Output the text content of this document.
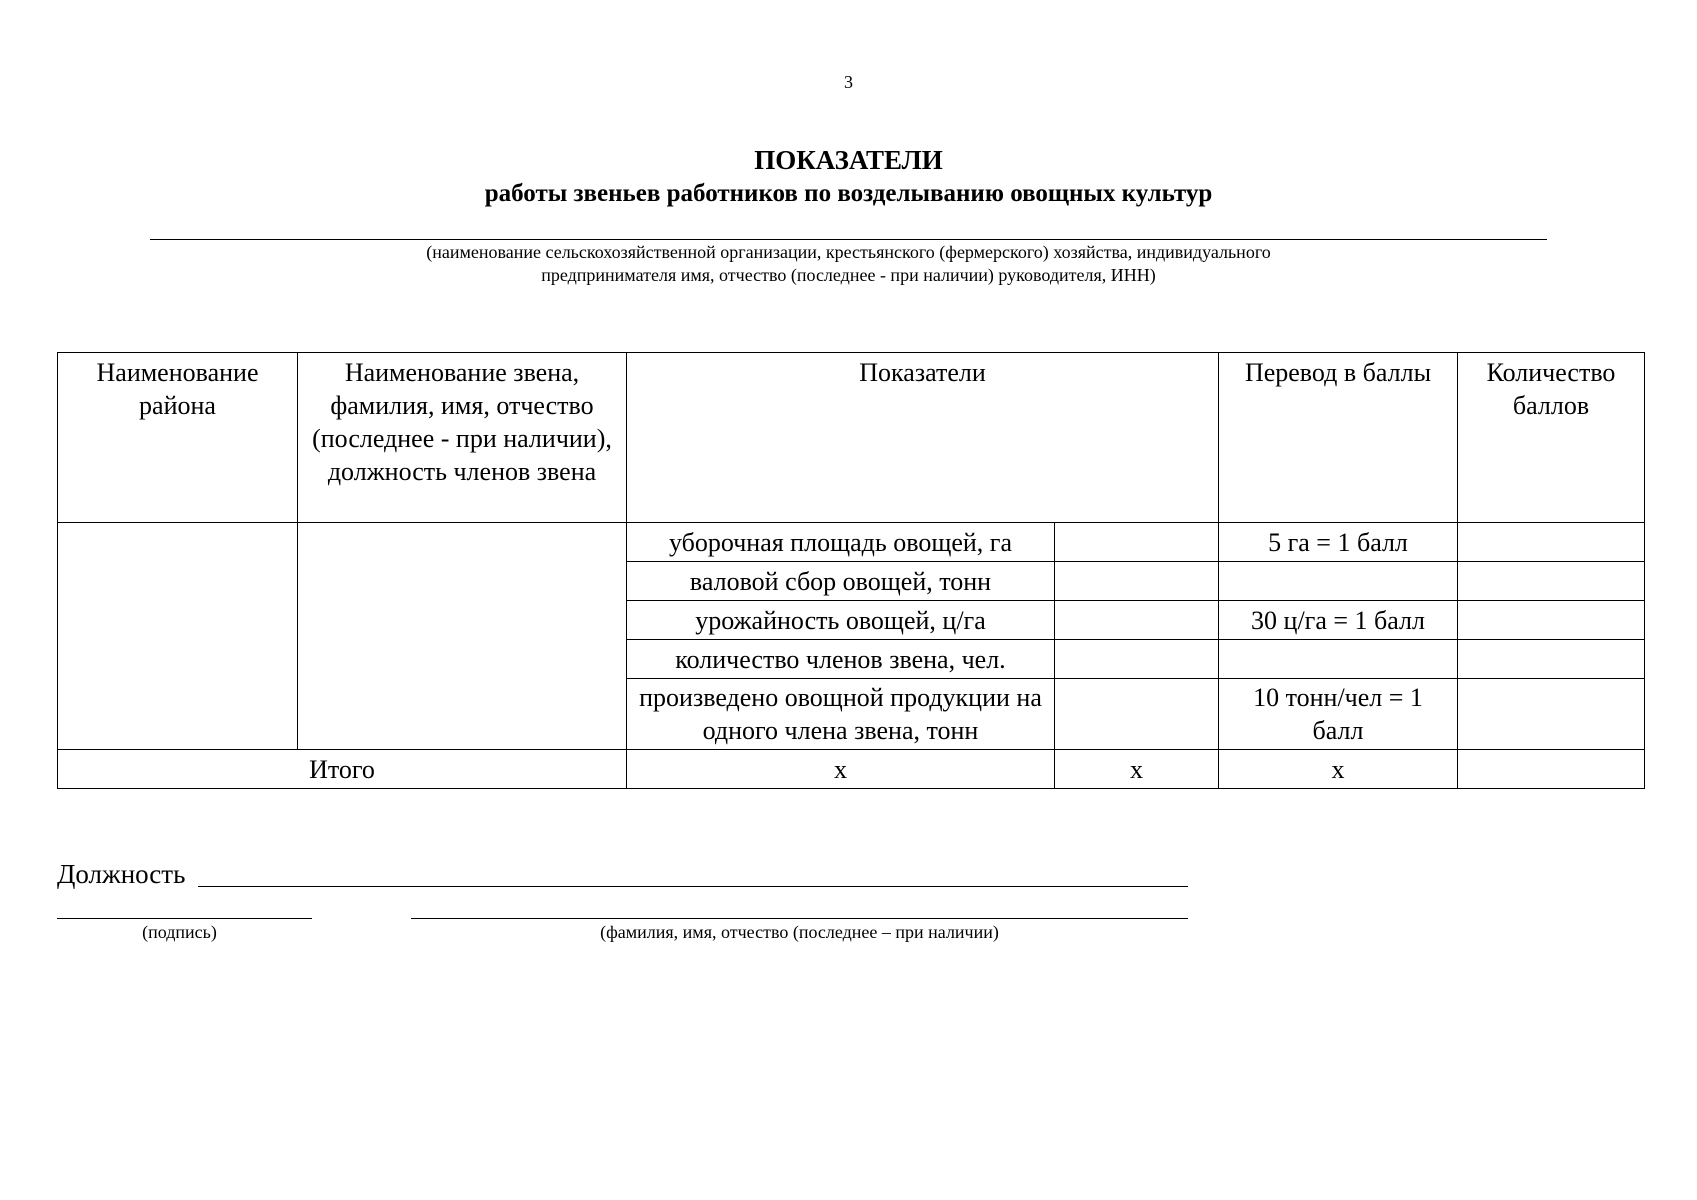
3
ПОКАЗАТЕЛИ
работы звеньев работников по возделыванию овощных культур
(наименование сельскохозяйственной организации, крестьянского (фермерского) хозяйства, индивидуального
предпринимателя имя, отчество (последнее - при наличии) руководителя, ИНН)
Наименование района	Наименование звена, фамилия, имя, отчество (последнее - при наличии), должность членов звена	Показатели		Перевод в баллы	Количество баллов
		уборочная площадь овощей, га		5 га = 1 балл	
		валовой сбор овощей, тонн			
		урожайность овощей, ц/га		30 ц/га = 1 балл	
		количество членов звена, чел.			
		произведено овощной продукции на одного члена звена, тонн		10 тонн/чел = 1 балл	
Итого		х	х	х	
Должность
(подпись)	(фамилия, имя, отчество (последнее – при наличии)
